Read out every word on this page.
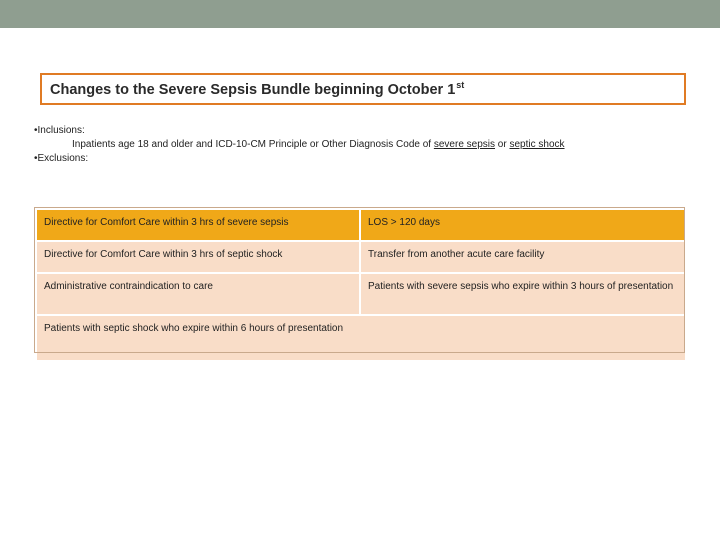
Changes to the Severe Sepsis Bundle beginning October 1st
•Inclusions:
Inpatients age 18 and older and ICD-10-CM Principle or Other Diagnosis Code of severe sepsis or septic shock
•Exclusions:
Directive for Comfort Care within 3 hrs of severe sepsis	LOS > 120 days
Directive for Comfort Care within 3 hrs of septic shock	Transfer from another acute care facility
Administrative contraindication to care	Patients with severe sepsis who expire within 3 hours of presentation
Patients with septic shock who expire within 6 hours of presentation	
